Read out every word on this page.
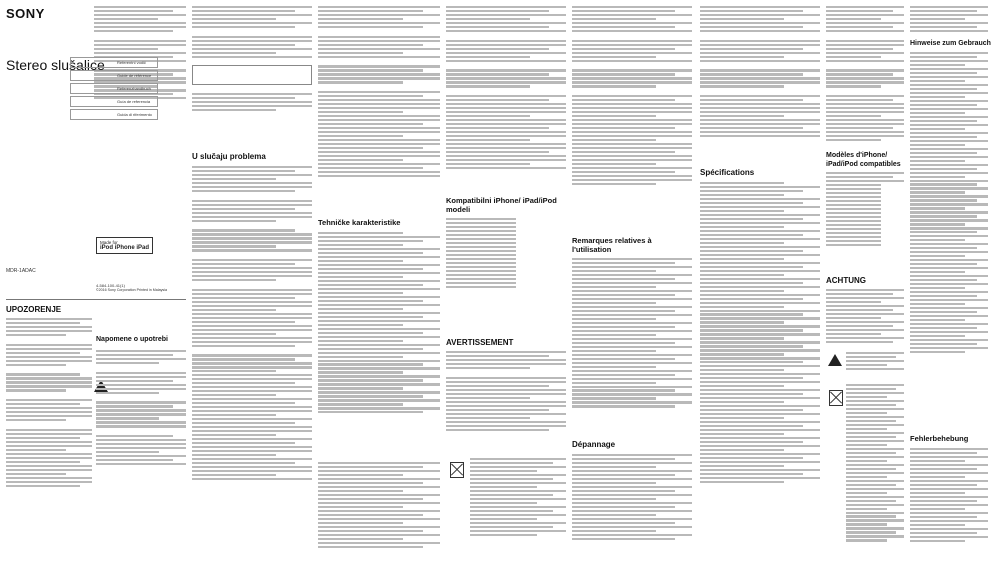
SONY
Stereo slušalice	Referentni vodič
Guide de référence
Referenzhandbuch
Guía de referencia
Guida di riferimento
Made for
iPod iPhone iPad
MDR-1ADAC
4-584-100-41(1)
©2016 Sony Corporation Printed in Malaysia
UPOZORENJE
Napomene o upotrebi
U slučaju problema
Tehničke karakteristike
Kompatibilni iPhone/ iPad/iPod modeli
AVERTISSEMENT
Remarques relatives à l'utilisation
Dépannage
Spécifications
Modèles d'iPhone/ iPad/iPod compatibles
ACHTUNG
Hinweise zum Gebrauch
Fehlerbehebung
